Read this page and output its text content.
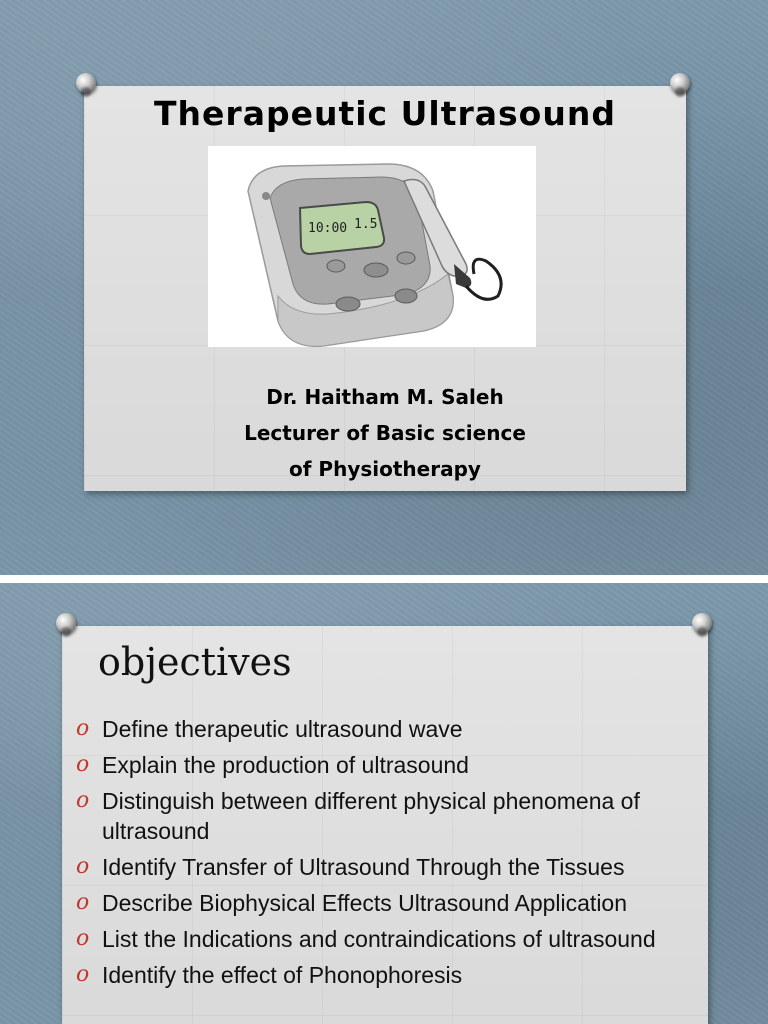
Therapeutic Ultrasound
10:00 1.5
Dr. Haitham M. Saleh
Lecturer of Basic science
of Physiotherapy
objectives
o Define therapeutic ultrasound wave
o Explain the production of ultrasound
o Distinguish between different physical phenomena of ultrasound
o Identify Transfer of Ultrasound Through the Tissues
o Describe Biophysical Effects Ultrasound Application
o List the Indications and contraindications of ultrasound
o Identify the effect of Phonophoresis
